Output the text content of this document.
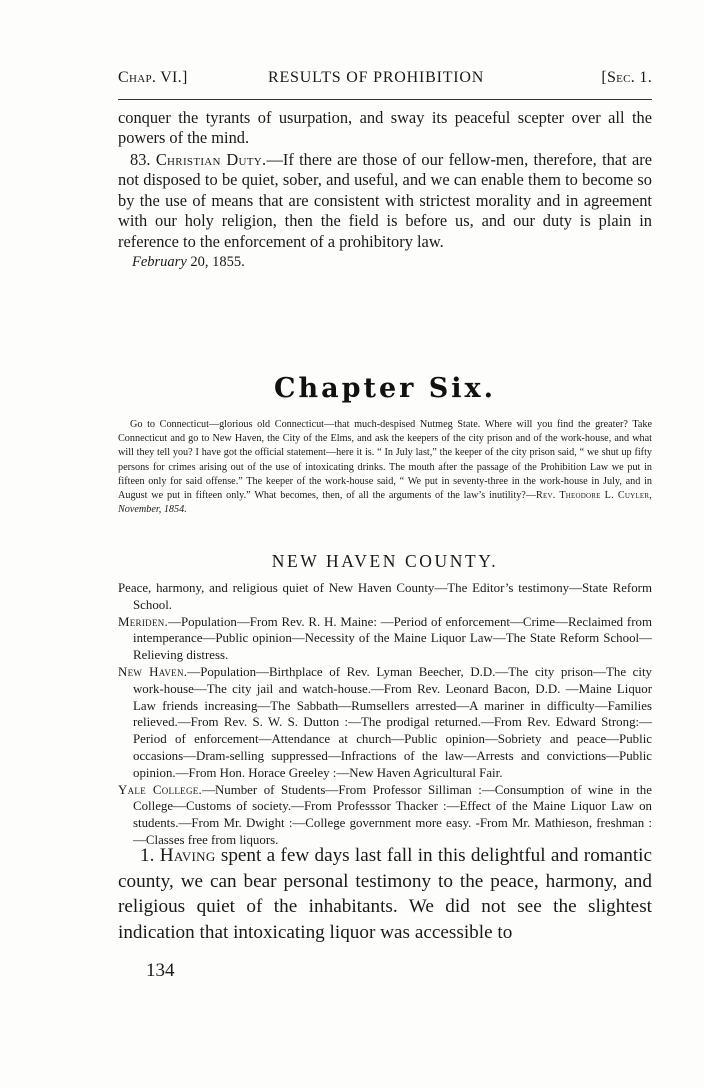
Chap. VI.]	RESULTS OF PROHIBITION	[Sec. 1.

conquer the tyrants of usurpation, and sway its peaceful scepter over all the powers of the mind.

83. Christian Duty.—If there are those of our fellow-men, therefore, that are not disposed to be quiet, sober, and useful, and we can enable them to become so by the use of means that are consistent with strictest morality and in agreement with our holy religion, then the field is before us, and our duty is plain in reference to the enforcement of a prohibitory law.

February 20, 1855.
Chapter Six.

Go to Connecticut—glorious old Connecticut—that much-despised Nutmeg State. Where will you find the greater? Take Connecticut and go to New Haven, the City of the Elms, and ask the keepers of the city prison and of the work-house, and what will they tell you? I have got the official statement—here it is. “ In July last,” the keeper of the city prison said, “ we shut up fifty persons for crimes arising out of the use of intoxicating drinks. The mouth after the passage of the Prohibition Law we put in fifteen only for said offense.” The keeper of the work-house said, “ We put in seventy-three in the work-house in July, and in August we put in fifteen only.” What becomes, then, of all the arguments of the law’s inutility?—Rev. Theodore L. Cuyler, November, 1854.

NEW HAVEN COUNTY.

Peace, harmony, and religious quiet of New Haven County—The Editor’s testimony—State Reform School.

Meriden.—Population—From Rev. R. H. Maine: —Period of enforcement—Crime—Reclaimed from intemperance—Public opinion—Necessity of the Maine Liquor Law—The State Reform School—Relieving distress.

New Haven.—Population—Birthplace of Rev. Lyman Beecher, D.D.—The city prison—The city work-house—The city jail and watch-house.—From Rev. Leonard Bacon, D.D. —Maine Liquor Law friends increasing—The Sabbath—Rumsellers arrested—A mariner in difficulty—Families relieved.—From Rev. S. W. S. Dutton :—The prodigal returned.—From Rev. Edward Strong:—Period of enforcement—Attendance at church—Public opinion—Sobriety and peace—Public occasions—Dram-selling suppressed—Infractions of the law—Arrests and convictions—Public opinion.—From Hon. Horace Greeley :—New Haven Agricultural Fair.

Yale College.—Number of Students—From Professor Silliman :—Consumption of wine in the College—Customs of society.—From Professsor Thacker :—Effect of the Maine Liquor Law on students.—From Mr. Dwight :—College government more easy. -From Mr. Mathieson, freshman :—Classes free from liquors.

1. Having spent a few days last fall in this delightful and romantic county, we can bear personal testimony to the peace, harmony, and religious quiet of the inhabitants. We did not see the slightest indication that intoxicating liquor was accessible to

134
